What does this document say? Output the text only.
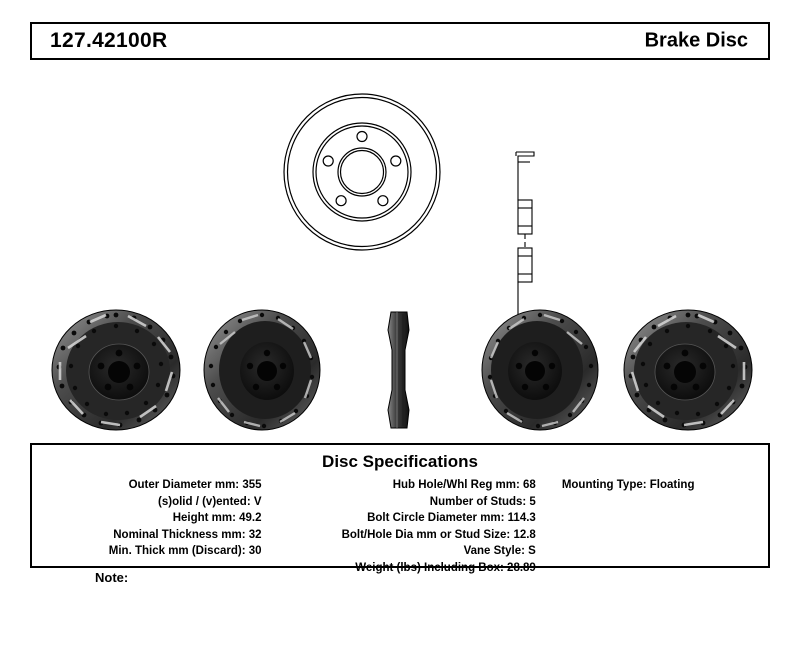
127.42100R	Brake Disc
Disc Specifications
Outer Diameter mm: 355
(s)olid / (v)ented: V
Height mm: 49.2
Nominal Thickness mm: 32
Min. Thick mm (Discard): 30
Hub Hole/Whl Reg mm: 68
Number of Studs: 5
Bolt Circle Diameter mm: 114.3
Bolt/Hole Dia mm or Stud Size: 12.8
Vane Style: S
Weight (lbs) Including Box: 28.89
Mounting Type: Floating
Note:
